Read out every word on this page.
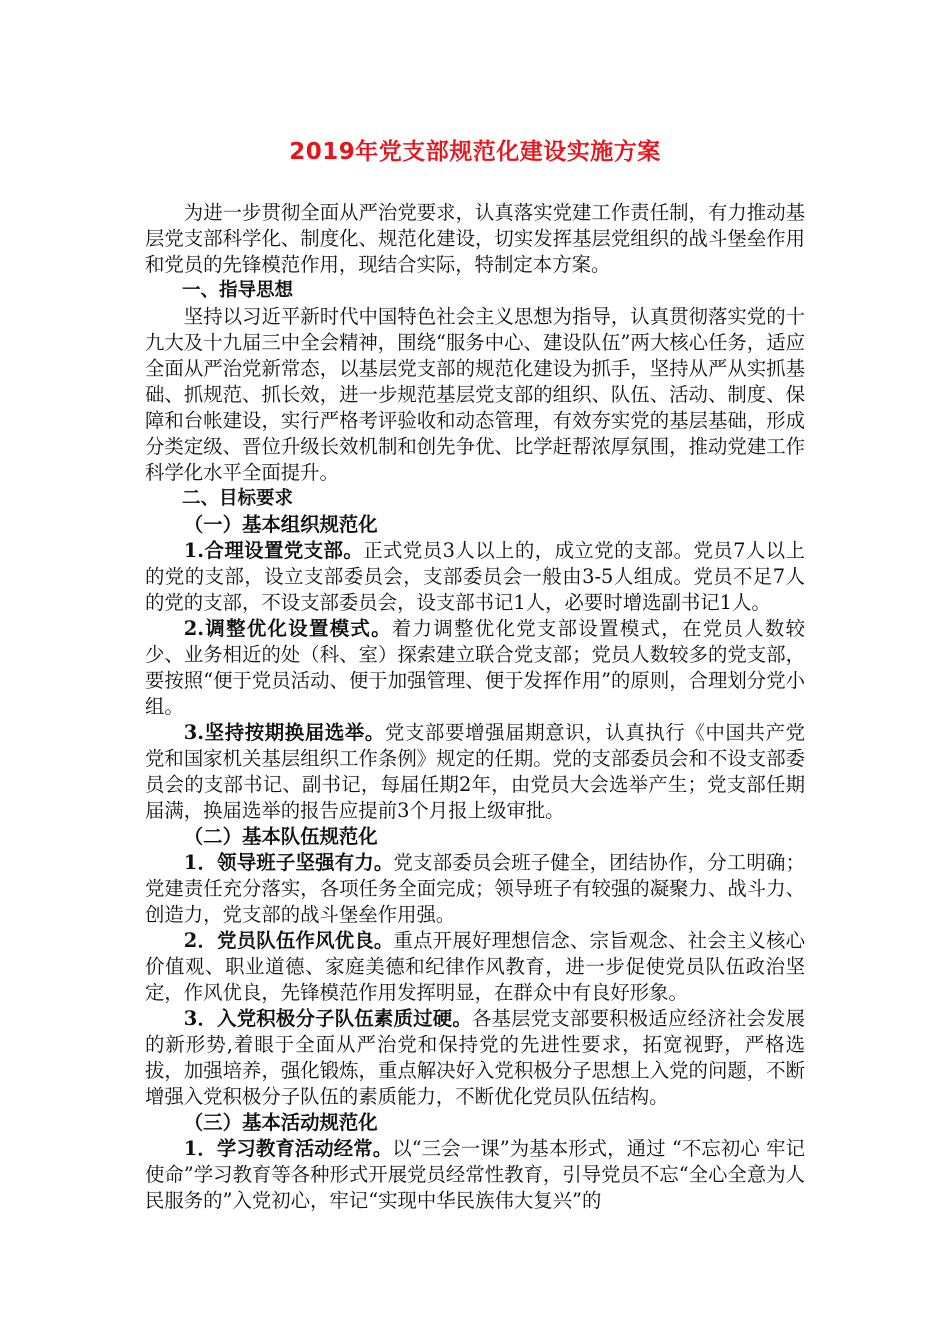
2019年党支部规范化建设实施方案

为进一步贯彻全面从严治党要求，认真落实党建工作责任制，有力推动基层党支部科学化、制度化、规范化建设，切实发挥基层党组织的战斗堡垒作用和党员的先锋模范作用，现结合实际，特制定本方案。

一、指导思想

坚持以习近平新时代中国特色社会主义思想为指导，认真贯彻落实党的十九大及十九届三中全会精神，围绕“服务中心、建设队伍”两大核心任务，适应全面从严治党新常态，以基层党支部的规范化建设为抓手，坚持从严从实抓基础、抓规范、抓长效，进一步规范基层党支部的组织、队伍、活动、制度、保障和台帐建设，实行严格考评验收和动态管理，有效夯实党的基层基础，形成分类定级、晋位升级长效机制和创先争优、比学赶帮浓厚氛围，推动党建工作科学化水平全面提升。

二、目标要求

（一）基本组织规范化

1.合理设置党支部。正式党员3人以上的，成立党的支部。党员7人以上的党的支部，设立支部委员会，支部委员会一般由3-5人组成。党员不足7人的党的支部，不设支部委员会，设支部书记1人，必要时增选副书记1人。

2.调整优化设置模式。着力调整优化党支部设置模式，在党员人数较少、业务相近的处（科、室）探索建立联合党支部；党员人数较多的党支部，要按照“便于党员活动、便于加强管理、便于发挥作用”的原则，合理划分党小组。

3.坚持按期换届选举。党支部要增强届期意识，认真执行《中国共产党党和国家机关基层组织工作条例》规定的任期。党的支部委员会和不设支部委员会的支部书记、副书记，每届任期2年，由党员大会选举产生；党支部任期届满，换届选举的报告应提前3个月报上级审批。

（二）基本队伍规范化

1．领导班子坚强有力。党支部委员会班子健全，团结协作，分工明确；党建责任充分落实，各项任务全面完成；领导班子有较强的凝聚力、战斗力、创造力，党支部的战斗堡垒作用强。

2．党员队伍作风优良。重点开展好理想信念、宗旨观念、社会主义核心价值观、职业道德、家庭美德和纪律作风教育，进一步促使党员队伍政治坚定，作风优良，先锋模范作用发挥明显，在群众中有良好形象。

3．入党积极分子队伍素质过硬。各基层党支部要积极适应经济社会发展的新形势,着眼于全面从严治党和保持党的先进性要求，拓宽视野，严格选拔，加强培养，强化锻炼，重点解决好入党积极分子思想上入党的问题，不断增强入党积极分子队伍的素质能力，不断优化党员队伍结构。

（三）基本活动规范化

1．学习教育活动经常。以“三会一课”为基本形式，通过 “不忘初心 牢记使命”学习教育等各种形式开展党员经常性教育，引导党员不忘“全心全意为人民服务的”入党初心，牢记“实现中华民族伟大复兴”的
